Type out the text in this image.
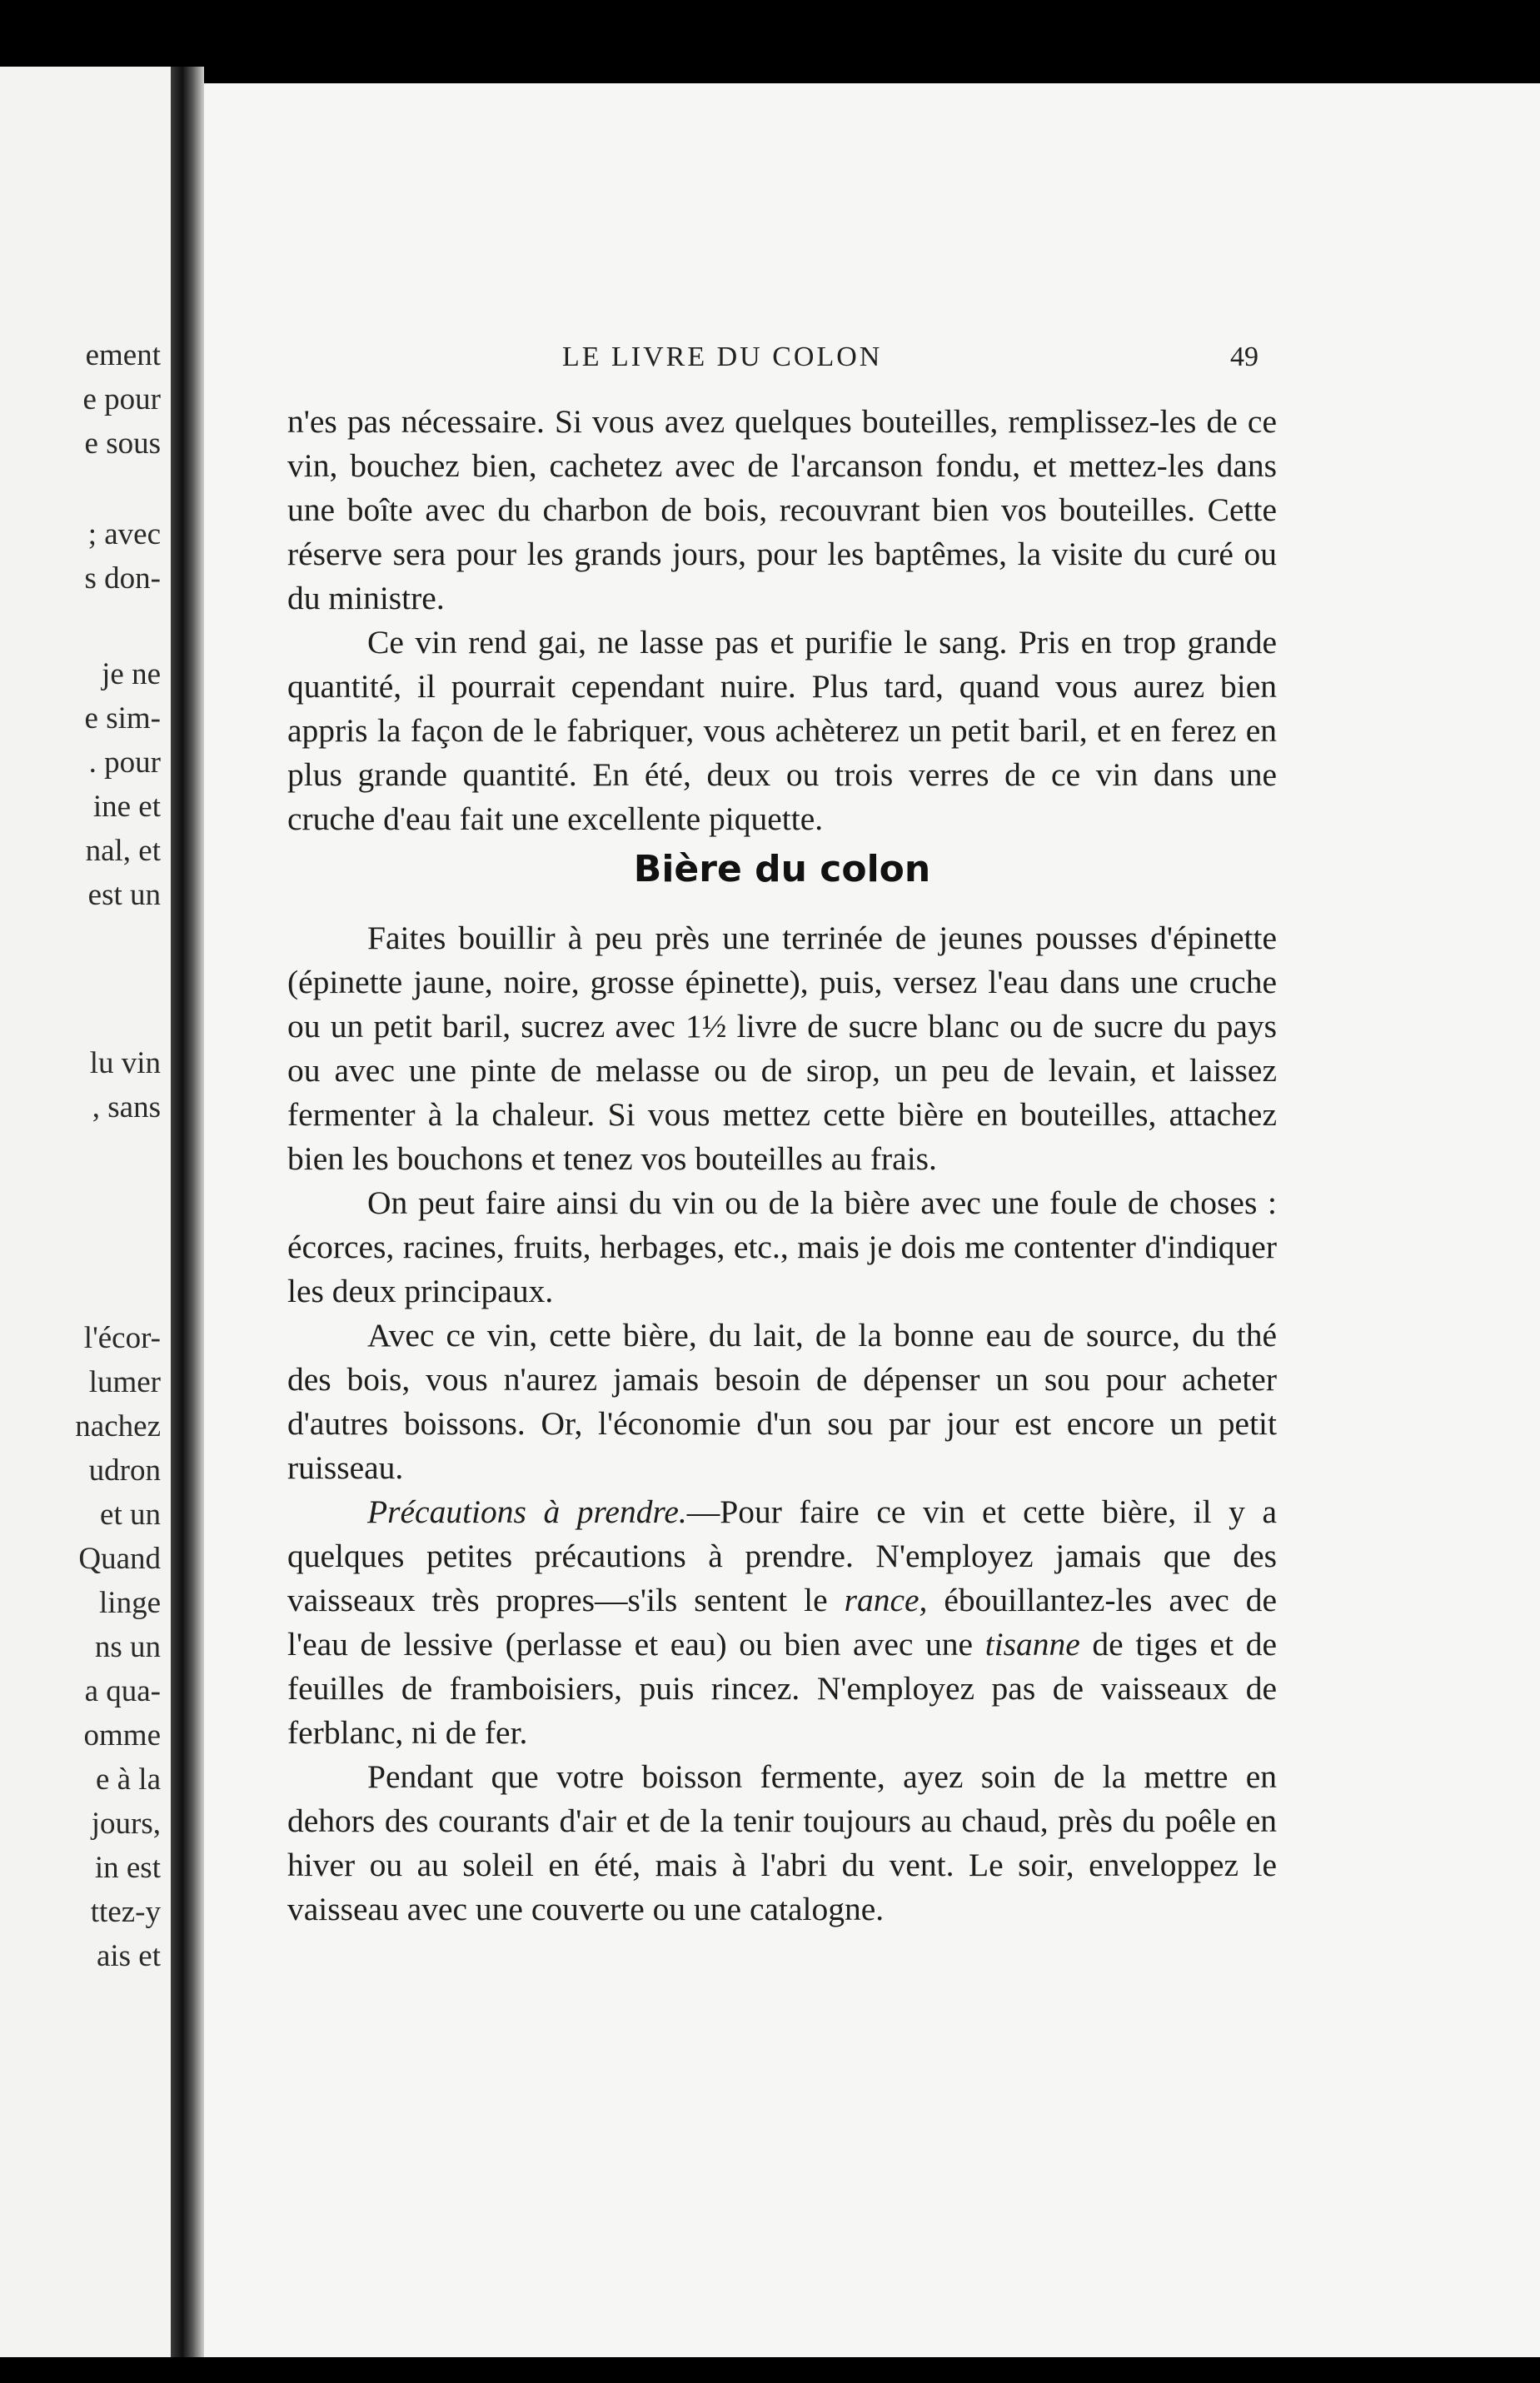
ement
e pour
e sous
; avec
s don-
je ne
e sim-
. pour
ine et
nal, et
est un
lu vin
, sans
l'écor-
lumer
nachez
udron
et un
Quand
linge
ns un
a qua-
omme
e à la
jours,
in est
ttez-y
ais et
LE LIVRE DU COLON	49

n'es pas nécessaire. Si vous avez quelques bouteilles, remplissez-les de ce vin, bouchez bien, cachetez avec de l'arcanson fondu, et mettez-les dans une boîte avec du charbon de bois, recouvrant bien vos bouteilles. Cette réserve sera pour les grands jours, pour les baptêmes, la visite du curé ou du ministre.

Ce vin rend gai, ne lasse pas et purifie le sang. Pris en trop grande quantité, il pourrait cependant nuire. Plus tard, quand vous aurez bien appris la façon de le fabriquer, vous achèterez un petit baril, et en ferez en plus grande quantité. En été, deux ou trois verres de ce vin dans une cruche d'eau fait une excellente piquette.

Bière du colon

Faites bouillir à peu près une terrinée de jeunes pousses d'épinette (épinette jaune, noire, grosse épinette), puis, versez l'eau dans une cruche ou un petit baril, sucrez avec 1½ livre de sucre blanc ou de sucre du pays ou avec une pinte de melasse ou de sirop, un peu de levain, et laissez fermenter à la chaleur. Si vous mettez cette bière en bouteilles, attachez bien les bouchons et tenez vos bouteilles au frais.

On peut faire ainsi du vin ou de la bière avec une foule de choses : écorces, racines, fruits, herbages, etc., mais je dois me contenter d'indiquer les deux principaux.

Avec ce vin, cette bière, du lait, de la bonne eau de source, du thé des bois, vous n'aurez jamais besoin de dépenser un sou pour acheter d'autres boissons. Or, l'économie d'un sou par jour est encore un petit ruisseau.

Précautions à prendre.—Pour faire ce vin et cette bière, il y a quelques petites précautions à prendre. N'employez jamais que des vaisseaux très propres—s'ils sentent le rance, ébouillantez-les avec de l'eau de lessive (perlasse et eau) ou bien avec une tisanne de tiges et de feuilles de framboisiers, puis rincez. N'employez pas de vaisseaux de ferblanc, ni de fer.

Pendant que votre boisson fermente, ayez soin de la mettre en dehors des courants d'air et de la tenir toujours au chaud, près du poêle en hiver ou au soleil en été, mais à l'abri du vent. Le soir, enveloppez le vaisseau avec une couverte ou une catalogne.
